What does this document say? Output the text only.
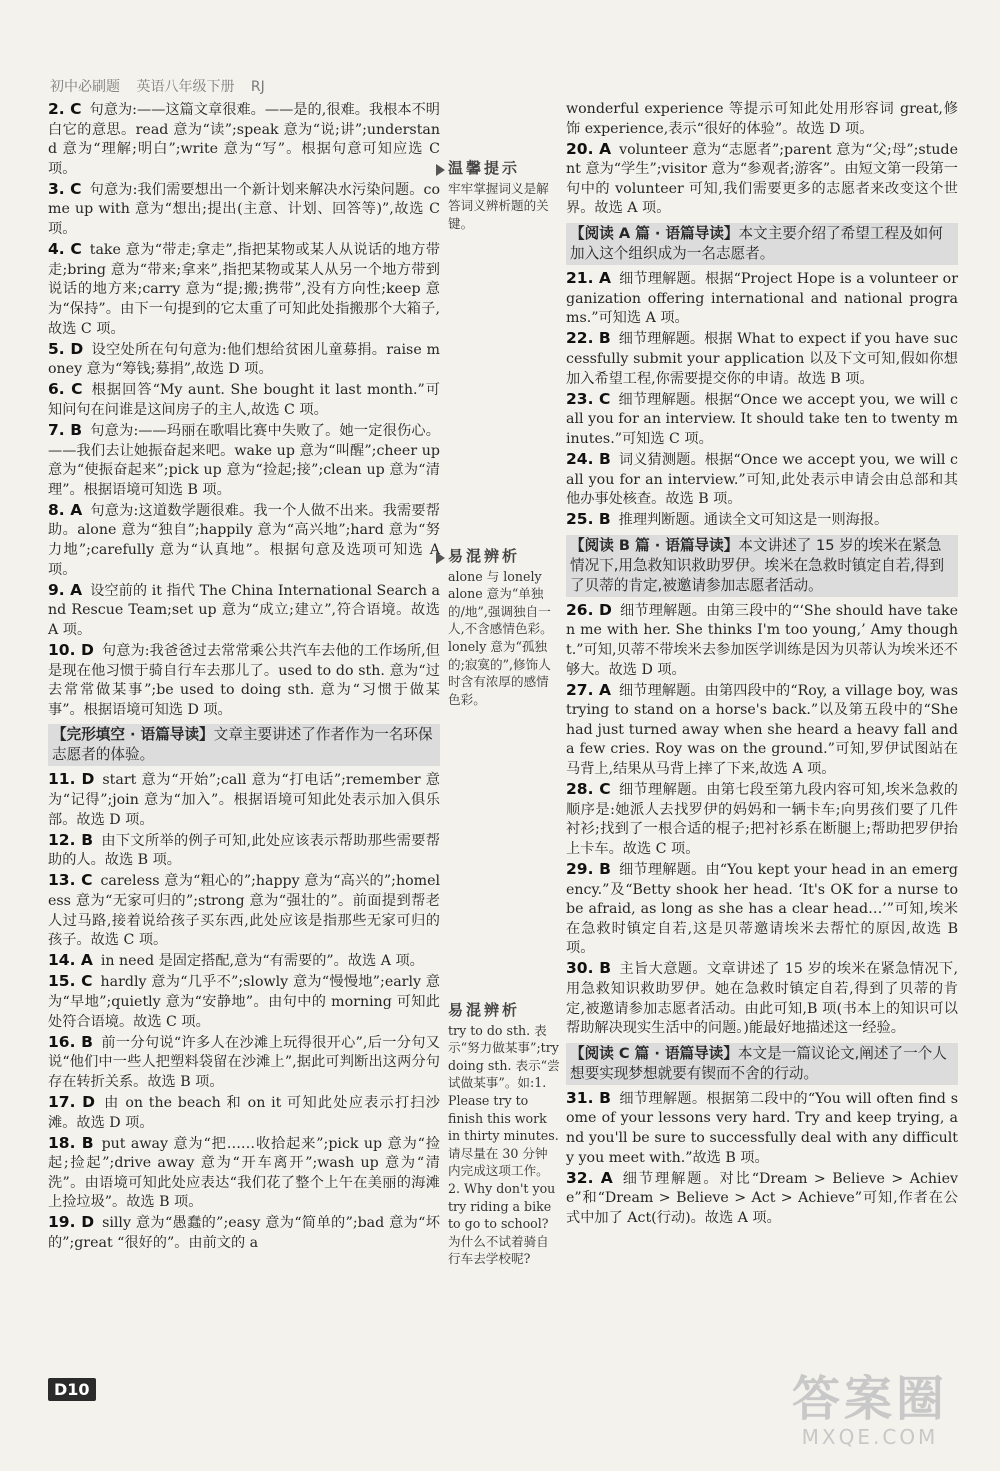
初中必刷题 英语八年级下册 RJ
2. C 句意为:——这篇文章很难。——是的,很难。我根本不明白它的意思。read 意为“读”;speak 意为“说;讲”;understand 意为“理解;明白”;write 意为“写”。根据句意可知应选 C 项。
3. C 句意为:我们需要想出一个新计划来解决水污染问题。come up with 意为“想出;提出(主意、计划、回答等)”,故选 C 项。
4. C take 意为“带走;拿走”,指把某物或某人从说话的地方带走;bring 意为“带来;拿来”,指把某物或某人从另一个地方带到说话的地方来;carry 意为“提;搬;携带”,没有方向性;keep 意为“保持”。由下一句提到的它太重了可知此处指搬那个大箱子,故选 C 项。
5. D 设空处所在句句意为:他们想给贫困儿童募捐。raise money 意为“筹钱;募捐”,故选 D 项。
6. C 根据回答“My aunt. She bought it last month.”可知问句在问谁是这间房子的主人,故选 C 项。
7. B 句意为:——玛丽在歌唱比赛中失败了。她一定很伤心。——我们去让她振奋起来吧。wake up 意为“叫醒”;cheer up 意为“使振奋起来”;pick up 意为“捡起;接”;clean up 意为“清理”。根据语境可知选 B 项。
8. A 句意为:这道数学题很难。我一个人做不出来。我需要帮助。alone 意为“独自”;happily 意为“高兴地”;hard 意为“努力地”;carefully 意为“认真地”。根据句意及选项可知选 A 项。
9. A 设空前的 it 指代 The China International Search and Rescue Team;set up 意为“成立;建立”,符合语境。故选 A 项。
10. D 句意为:我爸爸过去常常乘公共汽车去他的工作场所,但是现在他习惯于骑自行车去那儿了。used to do sth. 意为“过去常常做某事”;be used to doing sth. 意为“习惯于做某事”。根据语境可知选 D 项。
【完形填空 · 语篇导读】文章主要讲述了作者作为一名环保志愿者的体验。
11. D start 意为“开始”;call 意为“打电话”;remember 意为“记得”;join 意为“加入”。根据语境可知此处表示加入俱乐部。故选 D 项。
12. B 由下文所举的例子可知,此处应该表示帮助那些需要帮助的人。故选 B 项。
13. C careless 意为“粗心的”;happy 意为“高兴的”;homeless 意为“无家可归的”;strong 意为“强壮的”。前面提到帮老人过马路,接着说给孩子买东西,此处应该是指那些无家可归的孩子。故选 C 项。
14. A in need 是固定搭配,意为“有需要的”。故选 A 项。
15. C hardly 意为“几乎不”;slowly 意为“慢慢地”;early 意为“早地”;quietly 意为“安静地”。由句中的 morning 可知此处符合语境。故选 C 项。
16. B 前一分句说“许多人在沙滩上玩得很开心”,后一分句又说“他们中一些人把塑料袋留在沙滩上”,据此可判断出这两分句存在转折关系。故选 B 项。
17. D 由 on the beach 和 on it 可知此处应表示打扫沙滩。故选 D 项。
18. B put away 意为“把……收拾起来”;pick up 意为“捡起;捡起”;drive away 意为“开车离开”;wash up 意为“清洗”。由语境可知此处应表达“我们花了整个上午在美丽的海滩上捡垃圾”。故选 B 项。
19. D silly 意为“愚蠢的”;easy 意为“简单的”;bad 意为“坏的”;great “很好的”。由前文的 a
温馨提示
牢牢掌握词义是解答词义辨析题的关键。
易混辨析
alone 与 lonely alone 意为“单独的/地”,强调独自一人,不含感情色彩。lonely 意为“孤独的;寂寞的”,修饰人时含有浓厚的感情色彩。
易混辨析
try to do sth. 表示“努力做某事”;try doing sth. 表示“尝试做某事”。如:1. Please try to finish this work in thirty minutes. 请尽量在 30 分钟内完成这项工作。2. Why don't you try riding a bike to go to school? 为什么不试着骑自行车去学校呢?
wonderful experience 等提示可知此处用形容词 great,修饰 experience,表示“很好的体验”。故选 D 项。
20. A volunteer 意为“志愿者”;parent 意为“父;母”;student 意为“学生”;visitor 意为“参观者;游客”。由短文第一段第一句中的 volunteer 可知,我们需要更多的志愿者来改变这个世界。故选 A 项。
【阅读 A 篇 · 语篇导读】本文主要介绍了希望工程及如何加入这个组织成为一名志愿者。
21. A 细节理解题。根据“Project Hope is a volunteer organization offering international and national programs.”可知选 A 项。
22. B 细节理解题。根据 What to expect if you have successfully submit your application 以及下文可知,假如你想加入希望工程,你需要提交你的申请。故选 B 项。
23. C 细节理解题。根据“Once we accept you, we will call you for an interview. It should take ten to twenty minutes.”可知选 C 项。
24. B 词义猜测题。根据“Once we accept you, we will call you for an interview.”可知,此处表示申请会由总部和其他办事处核查。故选 B 项。
25. B 推理判断题。通读全文可知这是一则海报。
【阅读 B 篇 · 语篇导读】本文讲述了 15 岁的埃米在紧急情况下,用急救知识救助罗伊。埃米在急救时镇定自若,得到了贝蒂的肯定,被邀请参加志愿者活动。
26. D 细节理解题。由第三段中的“‘She should have taken me with her. She thinks I'm too young,’ Amy thought.”可知,贝蒂不带埃米去参加医学训练是因为贝蒂认为埃米还不够大。故选 D 项。
27. A 细节理解题。由第四段中的“Roy, a village boy, was trying to stand on a horse's back.”以及第五段中的“She had just turned away when she heard a heavy fall and a few cries. Roy was on the ground.”可知,罗伊试图站在马背上,结果从马背上摔了下来,故选 A 项。
28. C 细节理解题。由第七段至第九段内容可知,埃米急救的顺序是:她派人去找罗伊的妈妈和一辆卡车;向男孩们要了几件衬衫;找到了一根合适的棍子;把衬衫系在断腿上;帮助把罗伊抬上卡车。故选 C 项。
29. B 细节理解题。由“You kept your head in an emergency.”及“Betty shook her head. ‘It's OK for a nurse to be afraid, as long as she has a clear head…’”可知,埃米在急救时镇定自若,这是贝蒂邀请埃米去帮忙的原因,故选 B 项。
30. B 主旨大意题。文章讲述了 15 岁的埃米在紧急情况下,用急救知识救助罗伊。她在急救时镇定自若,得到了贝蒂的肯定,被邀请参加志愿者活动。由此可知,B 项(书本上的知识可以帮助解决现实生活中的问题。)能最好地描述这一经验。
【阅读 C 篇 · 语篇导读】本文是一篇议论文,阐述了一个人想要实现梦想就要有锲而不舍的行动。
31. B 细节理解题。根据第二段中的“You will often find some of your lessons very hard. Try and keep trying, and you'll be sure to successfully deal with any difficulty you meet with.”故选 B 项。
32. A 细节理解题。对比“Dream > Believe > Achieve”和“Dream > Believe > Act > Achieve”可知,作者在公式中加了 Act(行动)。故选 A 项。
D10	答案圈
MXQE.COM
